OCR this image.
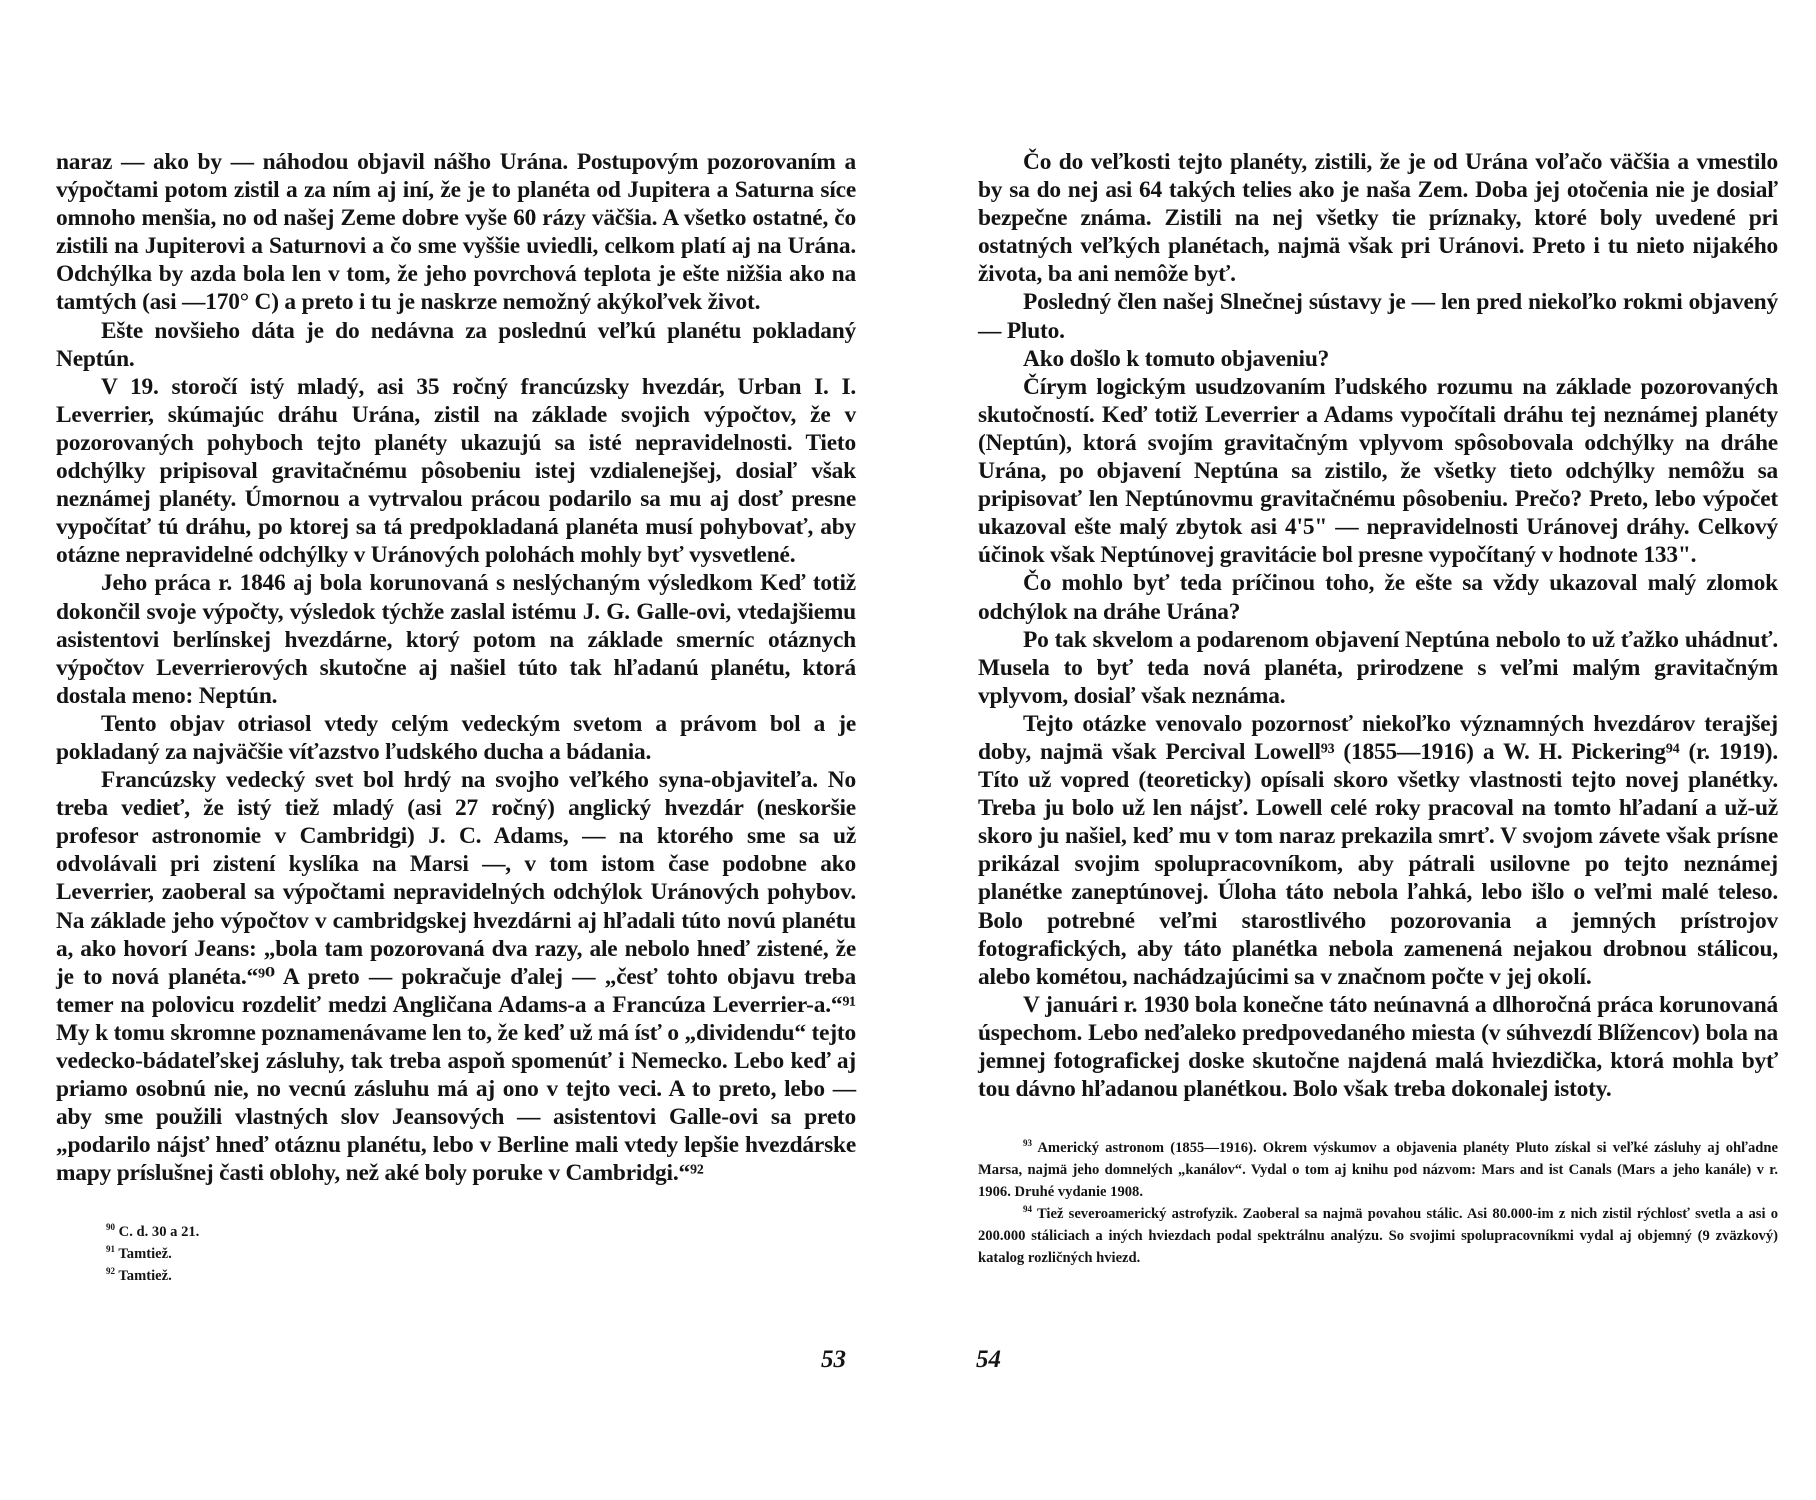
naraz — ako by — náhodou objavil nášho Urána. Postupovým pozorovaním a výpočtami potom zistil a za ním aj iní, že je to planéta od Jupitera a Saturna síce omnoho menšia, no od našej Zeme dobre vyše 60 rázy väčšia. A všetko ostatné, čo zistili na Jupiterovi a Saturnovi a čo sme vyššie uviedli, celkom platí aj na Urána. Odchýlka by azda bola len v tom, že jeho povrchová teplota je ešte nižšia ako na tamtých (asi —170° C) a preto i tu je naskrze nemožný akýkoľvek život.

Ešte novšieho dáta je do nedávna za poslednú veľkú planétu pokladaný Neptún.

V 19. storočí istý mladý, asi 35 ročný francúzsky hvezdár, Urban I. I. Leverrier, skúmajúc dráhu Urána, zistil na základe svojich výpočtov, že v pozorovaných pohyboch tejto planéty ukazujú sa isté nepravidelnosti. Tieto odchýlky pripisoval gravitačnému pôsobeniu istej vzdialenejšej, dosiaľ však neznámej planéty. Úmornou a vytrvalou prácou podarilo sa mu aj dosť presne vypočítať tú dráhu, po ktorej sa tá predpokladaná planéta musí pohybovať, aby otázne nepravidelné odchýlky v Uránových polohách mohly byť vysvetlené.

Jeho práca r. 1846 aj bola korunovaná s neslýchaným výsledkom Keď totiž dokončil svoje výpočty, výsledok týchže zaslal istému J. G. Galle-ovi, vtedajšiemu asistentovi berlínskej hvezdárne, ktorý potom na základe smerníc otáznych výpočtov Leverrierových skutočne aj našiel túto tak hľadanú planétu, ktorá dostala meno: Neptún.

Tento objav otriasol vtedy celým vedeckým svetom a právom bol a je pokladaný za najväčšie víťazstvo ľudského ducha a bádania.

Francúzsky vedecký svet bol hrdý na svojho veľkého syna-objaviteľa. No treba vedieť, že istý tiež mladý (asi 27 ročný) anglický hvezdár (neskoršie profesor astronomie v Cambridgi) J. C. Adams, — na ktorého sme sa už odvolávali pri zistení kyslíka na Marsi —, v tom istom čase podobne ako Leverrier, zaoberal sa výpočtami nepravidelných odchýlok Uránových pohybov. Na základe jeho výpočtov v cambridgskej hvezdárni aj hľadali túto novú planétu a, ako hovorí Jeans: „bola tam pozorovaná dva razy, ale nebolo hneď zistené, že je to nová planéta.“⁹⁰ A preto — pokračuje ďalej — „česť tohto objavu treba temer na polovicu rozdeliť medzi Angličana Adams-a a Francúza Leverrier-a.“⁹¹ My k tomu skromne poznamenávame len to, že keď už má ísť o „dividendu“ tejto vedecko-bádateľskej zásluhy, tak treba aspoň spomenúť i Nemecko. Lebo keď aj priamo osobnú nie, no vecnú zásluhu má aj ono v tejto veci. A to preto, lebo — aby sme použili vlastných slov Jeansových — asistentovi Galle-ovi sa preto „podarilo nájsť hneď otáznu planétu, lebo v Berline mali vtedy lepšie hvezdárske mapy príslušnej časti oblohy, než aké boly poruke v Cambridgi.“⁹²

$^{90}$ C. d. 30 a 21.

$^{91}$ Tamtiež.

$^{92}$ Tamtiež.

Čo do veľkosti tejto planéty, zistili, že je od Urána voľačo väčšia a vmestilo by sa do nej asi 64 takých telies ako je naša Zem. Doba jej otočenia nie je dosiaľ bezpečne známa. Zistili na nej všetky tie príznaky, ktoré boly uvedené pri ostatných veľkých planétach, najmä však pri Uránovi. Preto i tu nieto nijakého života, ba ani nemôže byť.

Posledný člen našej Slnečnej sústavy je — len pred niekoľko rokmi objavený — Pluto.

Ako došlo k tomuto objaveniu?

Čírym logickým usudzovaním ľudského rozumu na základe pozorovaných skutočností. Keď totiž Leverrier a Adams vypočítali dráhu tej neznámej planéty (Neptún), ktorá svojím gravitačným vplyvom spôsobovala odchýlky na dráhe Urána, po objavení Neptúna sa zistilo, že všetky tieto odchýlky nemôžu sa pripisovať len Neptúnovmu gravitačnému pôsobeniu. Prečo? Preto, lebo výpočet ukazoval ešte malý zbytok asi 4'5" — nepravidelnosti Uránovej dráhy. Celkový účinok však Neptúnovej gravitácie bol presne vypočítaný v hodnote 133".

Čo mohlo byť teda príčinou toho, že ešte sa vždy ukazoval malý zlomok odchýlok na dráhe Urána?

Po tak skvelom a podarenom objavení Neptúna nebolo to už ťažko uhádnuť. Musela to byť teda nová planéta, prirodzene s veľmi malým gravitačným vplyvom, dosiaľ však neznáma.

Tejto otázke venovalo pozornosť niekoľko významných hvezdárov terajšej doby, najmä však Percival Lowell⁹³ (1855—1916) a W. H. Pickering⁹⁴ (r. 1919). Títo už vopred (teoreticky) opísali skoro všetky vlastnosti tejto novej planétky. Treba ju bolo už len nájsť. Lowell celé roky pracoval na tomto hľadaní a už-už skoro ju našiel, keď mu v tom naraz prekazila smrť. V svojom závete však prísne prikázal svojim spolupracovníkom, aby pátrali usilovne po tejto neznámej planétke zaneptúnovej. Úloha táto nebola ľahká, lebo išlo o veľmi malé teleso. Bolo potrebné veľmi starostlivého pozorovania a jemných prístrojov fotografických, aby táto planétka nebola zamenená nejakou drobnou stálicou, alebo kométou, nachádzajúcimi sa v značnom počte v jej okolí.

V januári r. 1930 bola konečne táto neúnavná a dlhoročná práca korunovaná úspechom. Lebo neďaleko predpovedaného miesta (v súhvezdí Blížencov) bola na jemnej fotografickej doske skutočne najdená malá hviezdička, ktorá mohla byť tou dávno hľadanou planétkou. Bolo však treba dokonalej istoty.

$^{93}$ Americký astronom (1855—1916). Okrem výskumov a objavenia planéty Pluto získal si veľké zásluhy aj ohľadne Marsa, najmä jeho domnelých „kanálov“. Vydal o tom aj knihu pod názvom: Mars and ist Canals (Mars a jeho kanále) v r. 1906. Druhé vydanie 1908.

$^{94}$ Tiež severoamerický astrofyzik. Zaoberal sa najmä povahou stálic. Asi 80.000-im z nich zistil rýchlosť svetla a asi o 200.000 stáliciach a iných hviezdach podal spektrálnu analýzu. So svojimi spolupracovníkmi vydal aj objemný (9 zväzkový) katalog rozličných hviezd.

53	54
